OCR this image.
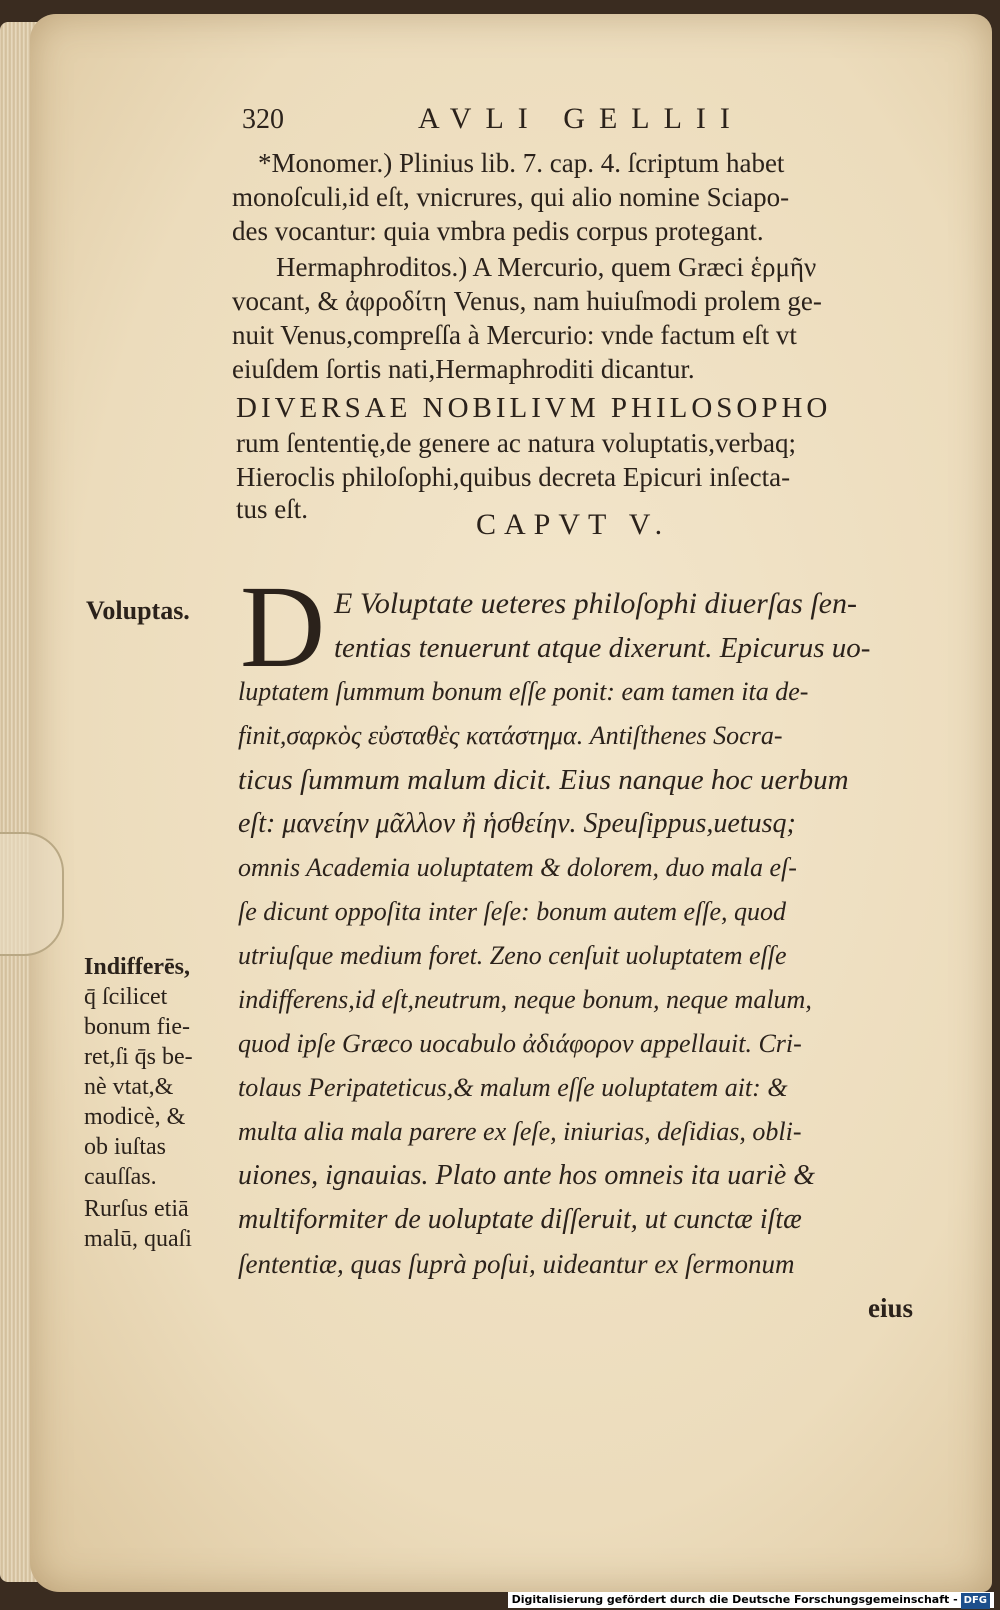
320	AVLI GELLII
*Monomer.) Plinius lib. 7. cap. 4. ſcriptum habet
monoſculi,id eſt, vnicrures, qui alio nomine Sciapo-
des vocantur: quia vmbra pedis corpus protegant.
Hermaphroditos.) A Mercurio, quem Græci ἑρμῆν
vocant, & ἀφροδίτη Venus, nam huiuſmodi prolem ge-
nuit Venus,compreſſa à Mercurio: vnde factum eſt vt
eiuſdem ſortis nati,Hermaphroditi dicantur.
DIVERSAE NOBILIVM PHILOSOPHO
rum ſententię,de genere ac natura voluptatis,verbaq;
Hieroclis philoſophi,quibus decreta Epicuri inſecta-
tus eſt.	CAPVT V.
Voluptas. D E Voluptate ueteres philoſophi diuerſas ſen-
tentias tenuerunt atque dixerunt. Epicurus uo-
luptatem ſummum bonum eſſe ponit: eam tamen ita de-
finit,σαρκὸς εὐσταθὲς κατάστημα. Antiſthenes Socra-
ticus ſummum malum dicit. Eius nanque hoc uerbum
eſt: μανείην μᾶλλον ἢ ἡσθείην. Speuſippus,uetusq;
omnis Academia uoluptatem & dolorem, duo mala eſ-
ſe dicunt oppoſita inter ſeſe: bonum autem eſſe, quod
utriuſque medium foret. Zeno cenſuit uoluptatem eſſe
indifferens,id eſt,neutrum, neque bonum, neque malum,
quod ipſe Græco uocabulo ἀδιάφορον appellauit. Cri-
tolaus Peripateticus,& malum eſſe uoluptatem ait: &
multa alia mala parere ex ſeſe, iniurias, deſidias, obli-
uiones, ignauias. Plato ante hos omneis ita uariè &
multiformiter de uoluptate diſſeruit, ut cunctæ iſtæ
ſententiæ, quas ſuprà poſui, uideantur ex ſermonum
eius
Indifferēs,
q̄ ſcilicet
bonum fie-
ret,ſi q̄s be-
nè vtat,&
modicè, &
ob iuſtas
cauſſas.
Rurſus etiā
malū, quaſi
Digitalisierung gefördert durch die Deutsche Forschungsgemeinschaft - DFG
